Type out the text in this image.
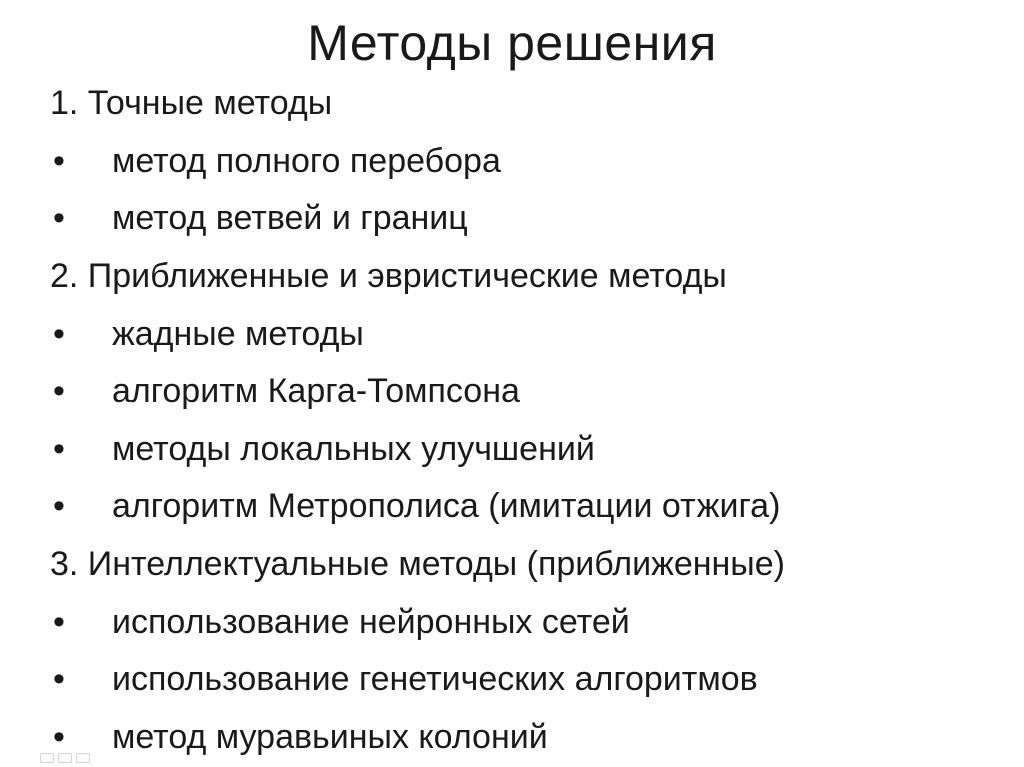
Методы решения
1. Точные методы
•	метод полного перебора
•	метод ветвей и границ
2. Приближенные и эвристические методы
•	жадные методы
•	алгоритм Карга-Томпсона
•	методы локальных улучшений
•	алгоритм Метрополиса (имитации отжига)
3. Интеллектуальные методы (приближенные)
•	использование нейронных сетей
•	использование генетических алгоритмов
•	метод муравьиных колоний
